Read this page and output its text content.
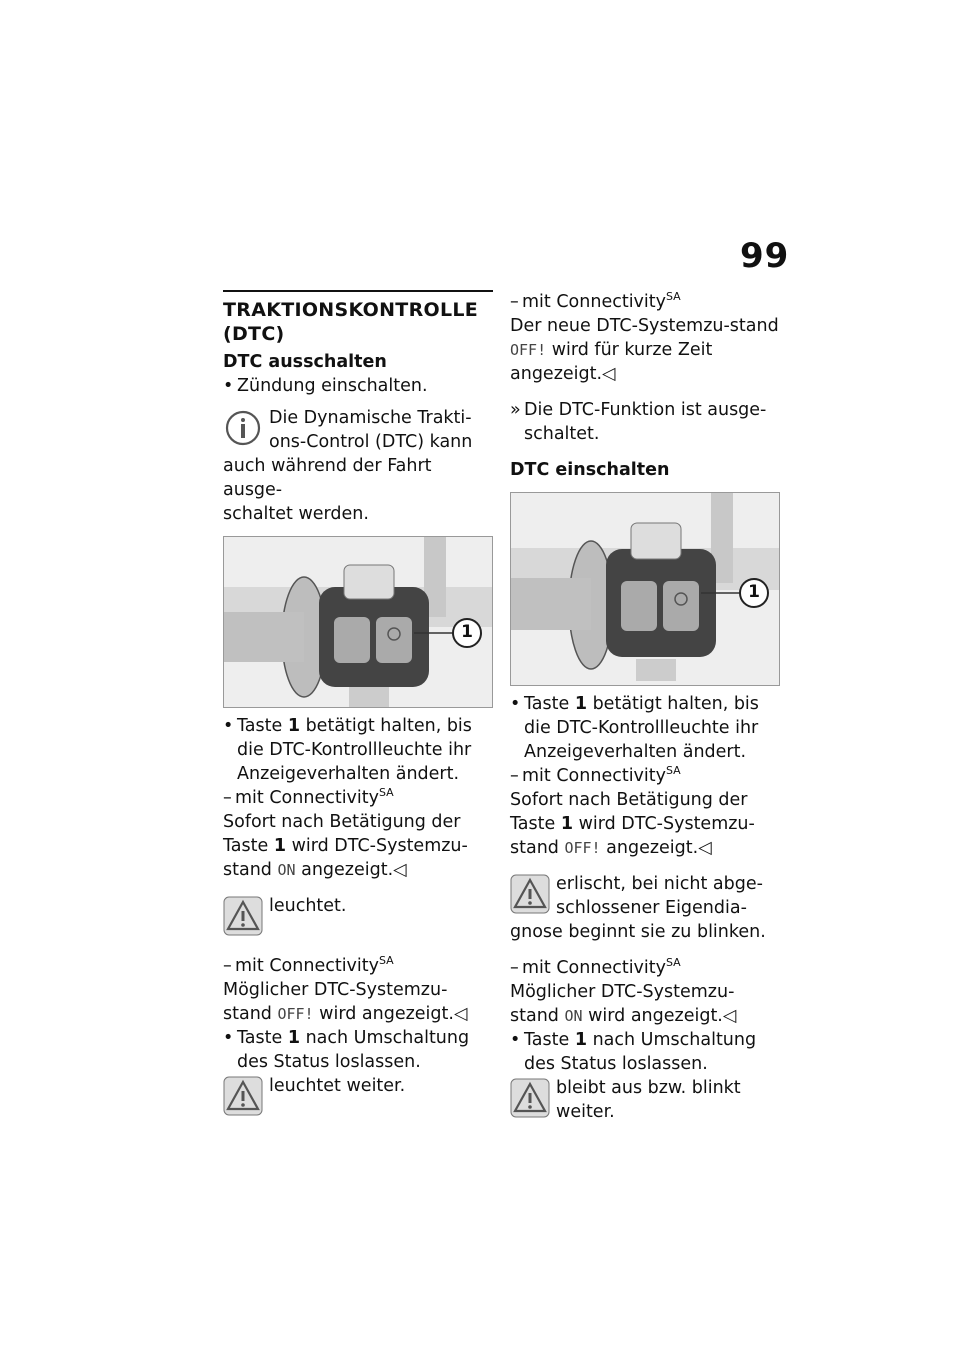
99
TRAKTIONSKONTROLLE (DTC)
DTC ausschalten
• Zündung einschalten.
Die Dynamische Trakti-
ons-Control (DTC) kann
auch während der Fahrt ausge-
schaltet werden.
1
• Taste 1 betätigt halten, bis die DTC-Kontrollleuchte ihr Anzeigeverhalten ändert.
– mit Connectivity$^{SA}$
Sofort nach Betätigung der Taste 1 wird DTC-Systemzu-stand ON angezeigt.◁
leuchtet.
– mit Connectivity$^{SA}$
Möglicher DTC-Systemzu-stand OFF! wird angezeigt.◁
• Taste 1 nach Umschaltung des Status loslassen.
leuchtet weiter.
– mit Connectivity$^{SA}$
Der neue DTC-Systemzu-stand OFF! wird für kurze Zeit angezeigt.◁
» Die DTC-Funktion ist ausge-schaltet.
DTC einschalten
1
• Taste 1 betätigt halten, bis die DTC-Kontrollleuchte ihr Anzeigeverhalten ändert.
– mit Connectivity$^{SA}$
Sofort nach Betätigung der Taste 1 wird DTC-Systemzu-stand OFF! angezeigt.◁
erlischt, bei nicht abge-
schlossener Eigendia-
gnose beginnt sie zu blinken.
– mit Connectivity$^{SA}$
Möglicher DTC-Systemzu-stand ON wird angezeigt.◁
• Taste 1 nach Umschaltung des Status loslassen.
bleibt aus bzw. blinkt weiter.
